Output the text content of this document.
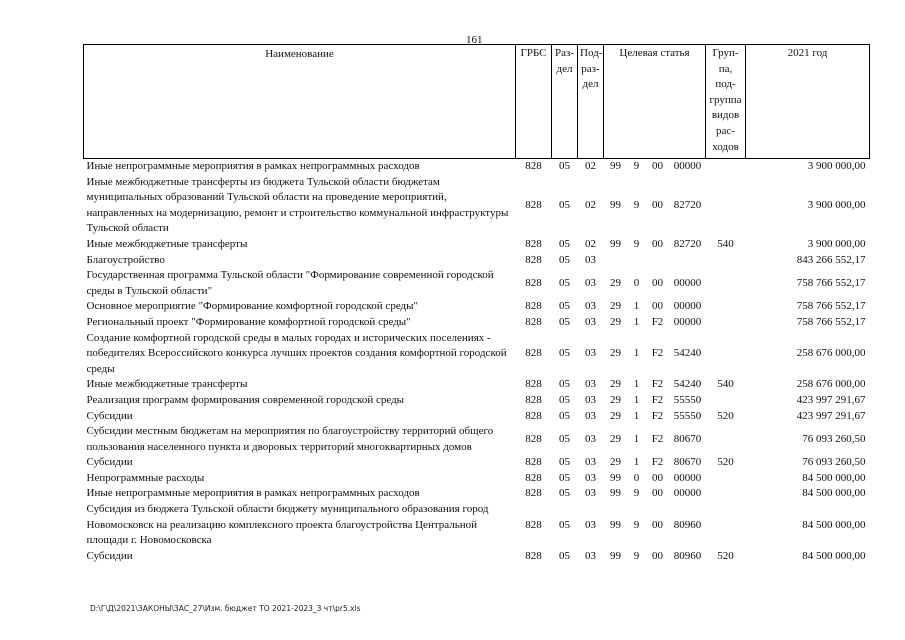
161
Наименование	ГРБС	Раз-дел	Под-раз-дел	Целевая статья				Груп-па, под-группа видов рас-ходов	2021 год
Иные непрограммные мероприятия в рамках непрограммных расходов	828	05	02	99	9	00	00000		3 900 000,00
Иные межбюджетные трансферты из бюджета Тульской области бюджетам муниципальных образований Тульской области на проведение мероприятий, направленных на модернизацию, ремонт и строительство коммунальной инфраструктуры Тульской области	828	05	02	99	9	00	82720		3 900 000,00
Иные межбюджетные трансферты	828	05	02	99	9	00	82720	540	3 900 000,00
Благоустройство	828	05	03						843 266 552,17
Государственная программа Тульской области "Формирование современной городской среды в Тульской области"	828	05	03	29	0	00	00000		758 766 552,17
Основное мероприятие "Формирование комфортной городской среды"	828	05	03	29	1	00	00000		758 766 552,17
Региональный проект "Формирование комфортной городской среды"	828	05	03	29	1	F2	00000		758 766 552,17
Создание комфортной городской среды в малых городах и исторических поселениях - победителях Всероссийского конкурса лучших проектов создания комфортной городской среды	828	05	03	29	1	F2	54240		258 676 000,00
Иные межбюджетные трансферты	828	05	03	29	1	F2	54240	540	258 676 000,00
Реализация программ формирования современной городской среды	828	05	03	29	1	F2	55550		423 997 291,67
Субсидии	828	05	03	29	1	F2	55550	520	423 997 291,67
Субсидии местным бюджетам на мероприятия по благоустройству территорий общего пользования населенного пункта и дворовых территорий многоквартирных домов	828	05	03	29	1	F2	80670		76 093 260,50
Субсидии	828	05	03	29	1	F2	80670	520	76 093 260,50
Непрограммные расходы	828	05	03	99	0	00	00000		84 500 000,00
Иные непрограммные мероприятия в рамках непрограммных расходов	828	05	03	99	9	00	00000		84 500 000,00
Субсидия из бюджета Тульской области бюджету муниципального образования город Новомосковск на реализацию комплексного проекта благоустройства Центральной площади г. Новомосковска	828	05	03	99	9	00	80960		84 500 000,00
Субсидии	828	05	03	99	9	00	80960	520	84 500 000,00
D:\Г\Д\2021\ЗАКОНЫ\ЗАС_27\Изм. бюджет ТО 2021-2023_3 чт\pr5.xls
